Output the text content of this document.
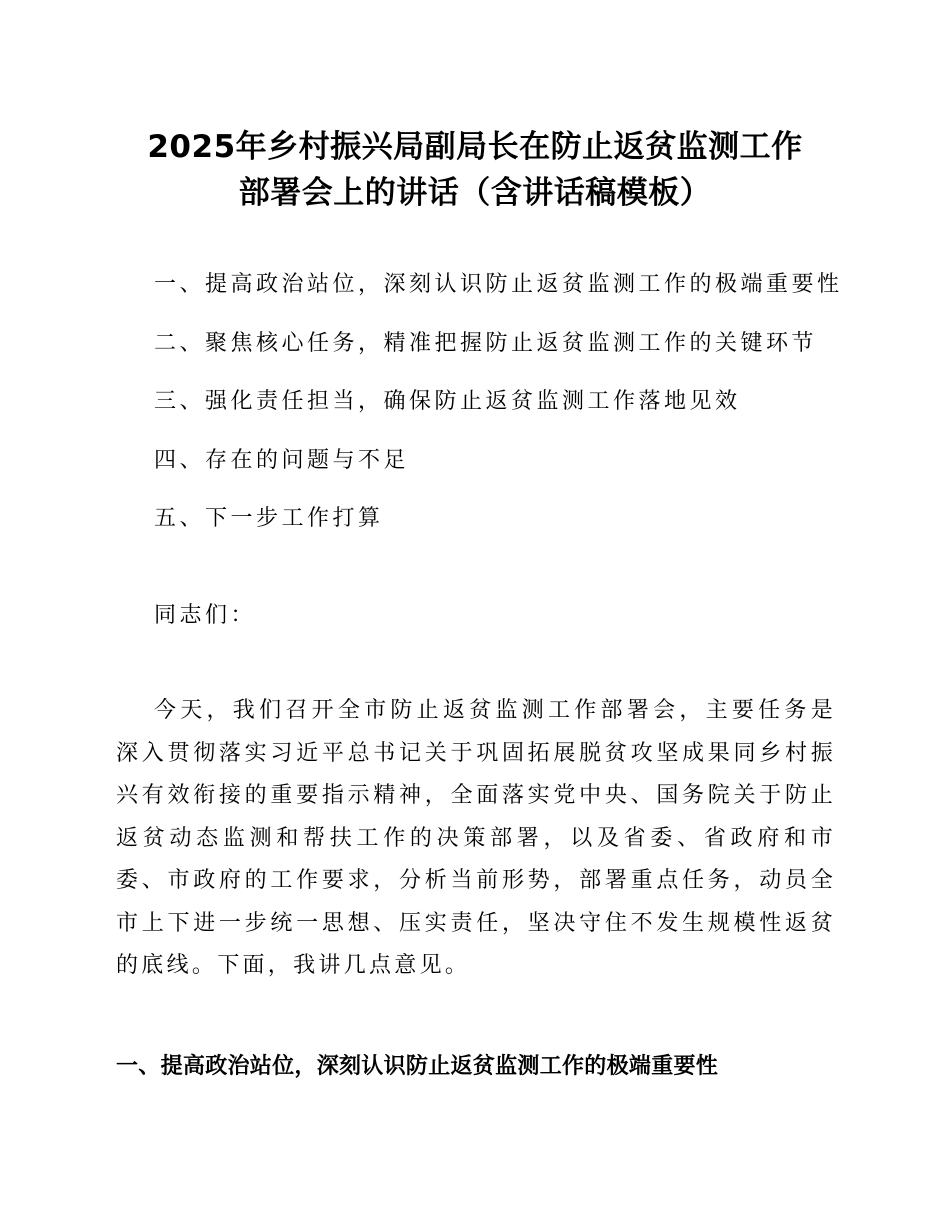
2025年乡村振兴局副局长在防止返贫监测工作
部署会上的讲话（含讲话稿模板）
一、提高政治站位，深刻认识防止返贫监测工作的极端重要性
二、聚焦核心任务，精准把握防止返贫监测工作的关键环节
三、强化责任担当，确保防止返贫监测工作落地见效
四、存在的问题与不足
五、下一步工作打算

同志们：

今天，我们召开全市防止返贫监测工作部署会，主要任务是深入贯彻落实习近平总书记关于巩固拓展脱贫攻坚成果同乡村振兴有效衔接的重要指示精神，全面落实党中央、国务院关于防止返贫动态监测和帮扶工作的决策部署，以及省委、省政府和市委、市政府的工作要求，分析当前形势，部署重点任务，动员全市上下进一步统一思想、压实责任，坚决守住不发生规模性返贫的底线。下面，我讲几点意见。

一、提高政治站位，深刻认识防止返贫监测工作的极端重要性
